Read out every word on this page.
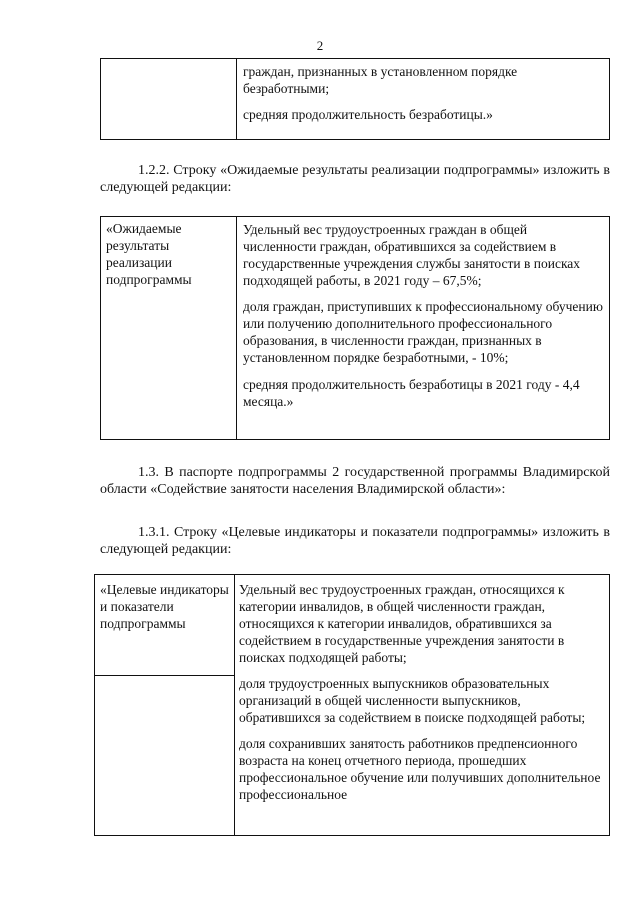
2

граждан, признанных в установленном порядке безработными;

средняя продолжительность безработицы.»

1.2.2. Строку «Ожидаемые результаты реализации подпрограммы» изложить в следующей редакции:
«Ожидаемые результаты реализации подпрограммы

Удельный вес трудоустроенных граждан в общей численности граждан, обратившихся за содействием в государственные учреждения службы занятости в поисках подходящей работы, в 2021 году – 67,5%;

доля граждан, приступивших к профессиональному обучению или получению дополнительного профессионального образования, в численности граждан, признанных в установленном порядке безработными, - 10%;

средняя продолжительность безработицы в 2021 году - 4,4 месяца.»

1.3. В паспорте подпрограммы 2 государственной программы Владимирской области «Содействие занятости населения Владимирской области»:
1.3.1. Строку «Целевые индикаторы и показатели подпрограммы» изложить в следующей редакции:
«Целевые индикаторы и показатели подпрограммы

Удельный вес трудоустроенных граждан, относящихся к категории инвалидов, в общей численности граждан, относящихся к категории инвалидов, обратившихся за содействием в государственные учреждения занятости в поисках подходящей работы;

доля трудоустроенных выпускников образовательных организаций в общей численности выпускников, обратившихся за содействием в поиске подходящей работы;

доля сохранивших занятость работников предпенсионного возраста на конец отчетного периода, прошедших профессиональное обучение или получивших дополнительное профессиональное
